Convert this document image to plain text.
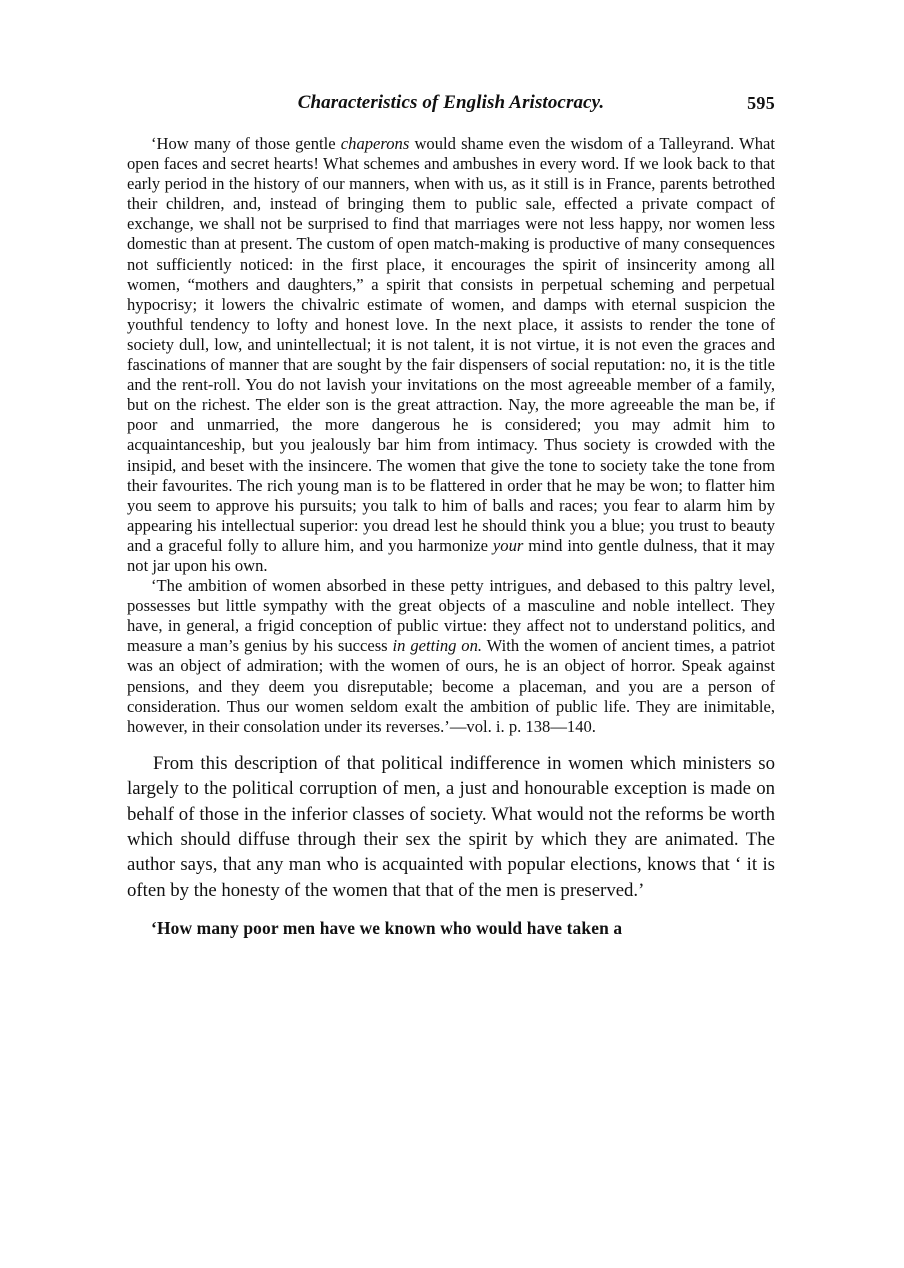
Characteristics of English Aristocracy.	595

‘How many of those gentle chaperons would shame even the wisdom of a Talleyrand. What open faces and secret hearts! What schemes and ambushes in every word. If we look back to that early period in the history of our manners, when with us, as it still is in France, parents betrothed their children, and, instead of bringing them to public sale, effected a private compact of exchange, we shall not be surprised to find that marriages were not less happy, nor women less domestic than at present. The custom of open match-making is productive of many consequences not sufficiently noticed: in the first place, it encourages the spirit of insincerity among all women, “mothers and daughters,” a spirit that consists in perpetual scheming and perpetual hypocrisy; it lowers the chivalric estimate of women, and damps with eternal suspicion the youthful tendency to lofty and honest love. In the next place, it assists to render the tone of society dull, low, and unintellectual; it is not talent, it is not virtue, it is not even the graces and fascinations of manner that are sought by the fair dispensers of social reputation: no, it is the title and the rent-roll. You do not lavish your invitations on the most agreeable member of a family, but on the richest. The elder son is the great attraction. Nay, the more agreeable the man be, if poor and unmarried, the more dangerous he is considered; you may admit him to acquaintanceship, but you jealously bar him from intimacy. Thus society is crowded with the insipid, and beset with the insincere. The women that give the tone to society take the tone from their favourites. The rich young man is to be flattered in order that he may be won; to flatter him you seem to approve his pursuits; you talk to him of balls and races; you fear to alarm him by appearing his intellectual superior: you dread lest he should think you a blue; you trust to beauty and a graceful folly to allure him, and you harmonize your mind into gentle dulness, that it may not jar upon his own.

‘The ambition of women absorbed in these petty intrigues, and debased to this paltry level, possesses but little sympathy with the great objects of a masculine and noble intellect. They have, in general, a frigid conception of public virtue: they affect not to understand politics, and measure a man’s genius by his success in getting on. With the women of ancient times, a patriot was an object of admiration; with the women of ours, he is an object of horror. Speak against pensions, and they deem you disreputable; become a placeman, and you are a person of consideration. Thus our women seldom exalt the ambition of public life. They are inimitable, however, in their consolation under its reverses.’—vol. i. p. 138—140.

From this description of that political indifference in women which ministers so largely to the political corruption of men, a just and honourable exception is made on behalf of those in the inferior classes of society. What would not the reforms be worth which should diffuse through their sex the spirit by which they are animated. The author says, that any man who is acquainted with popular elections, knows that ‘ it is often by the honesty of the women that that of the men is preserved.’

‘How many poor men have we known who would have taken a
